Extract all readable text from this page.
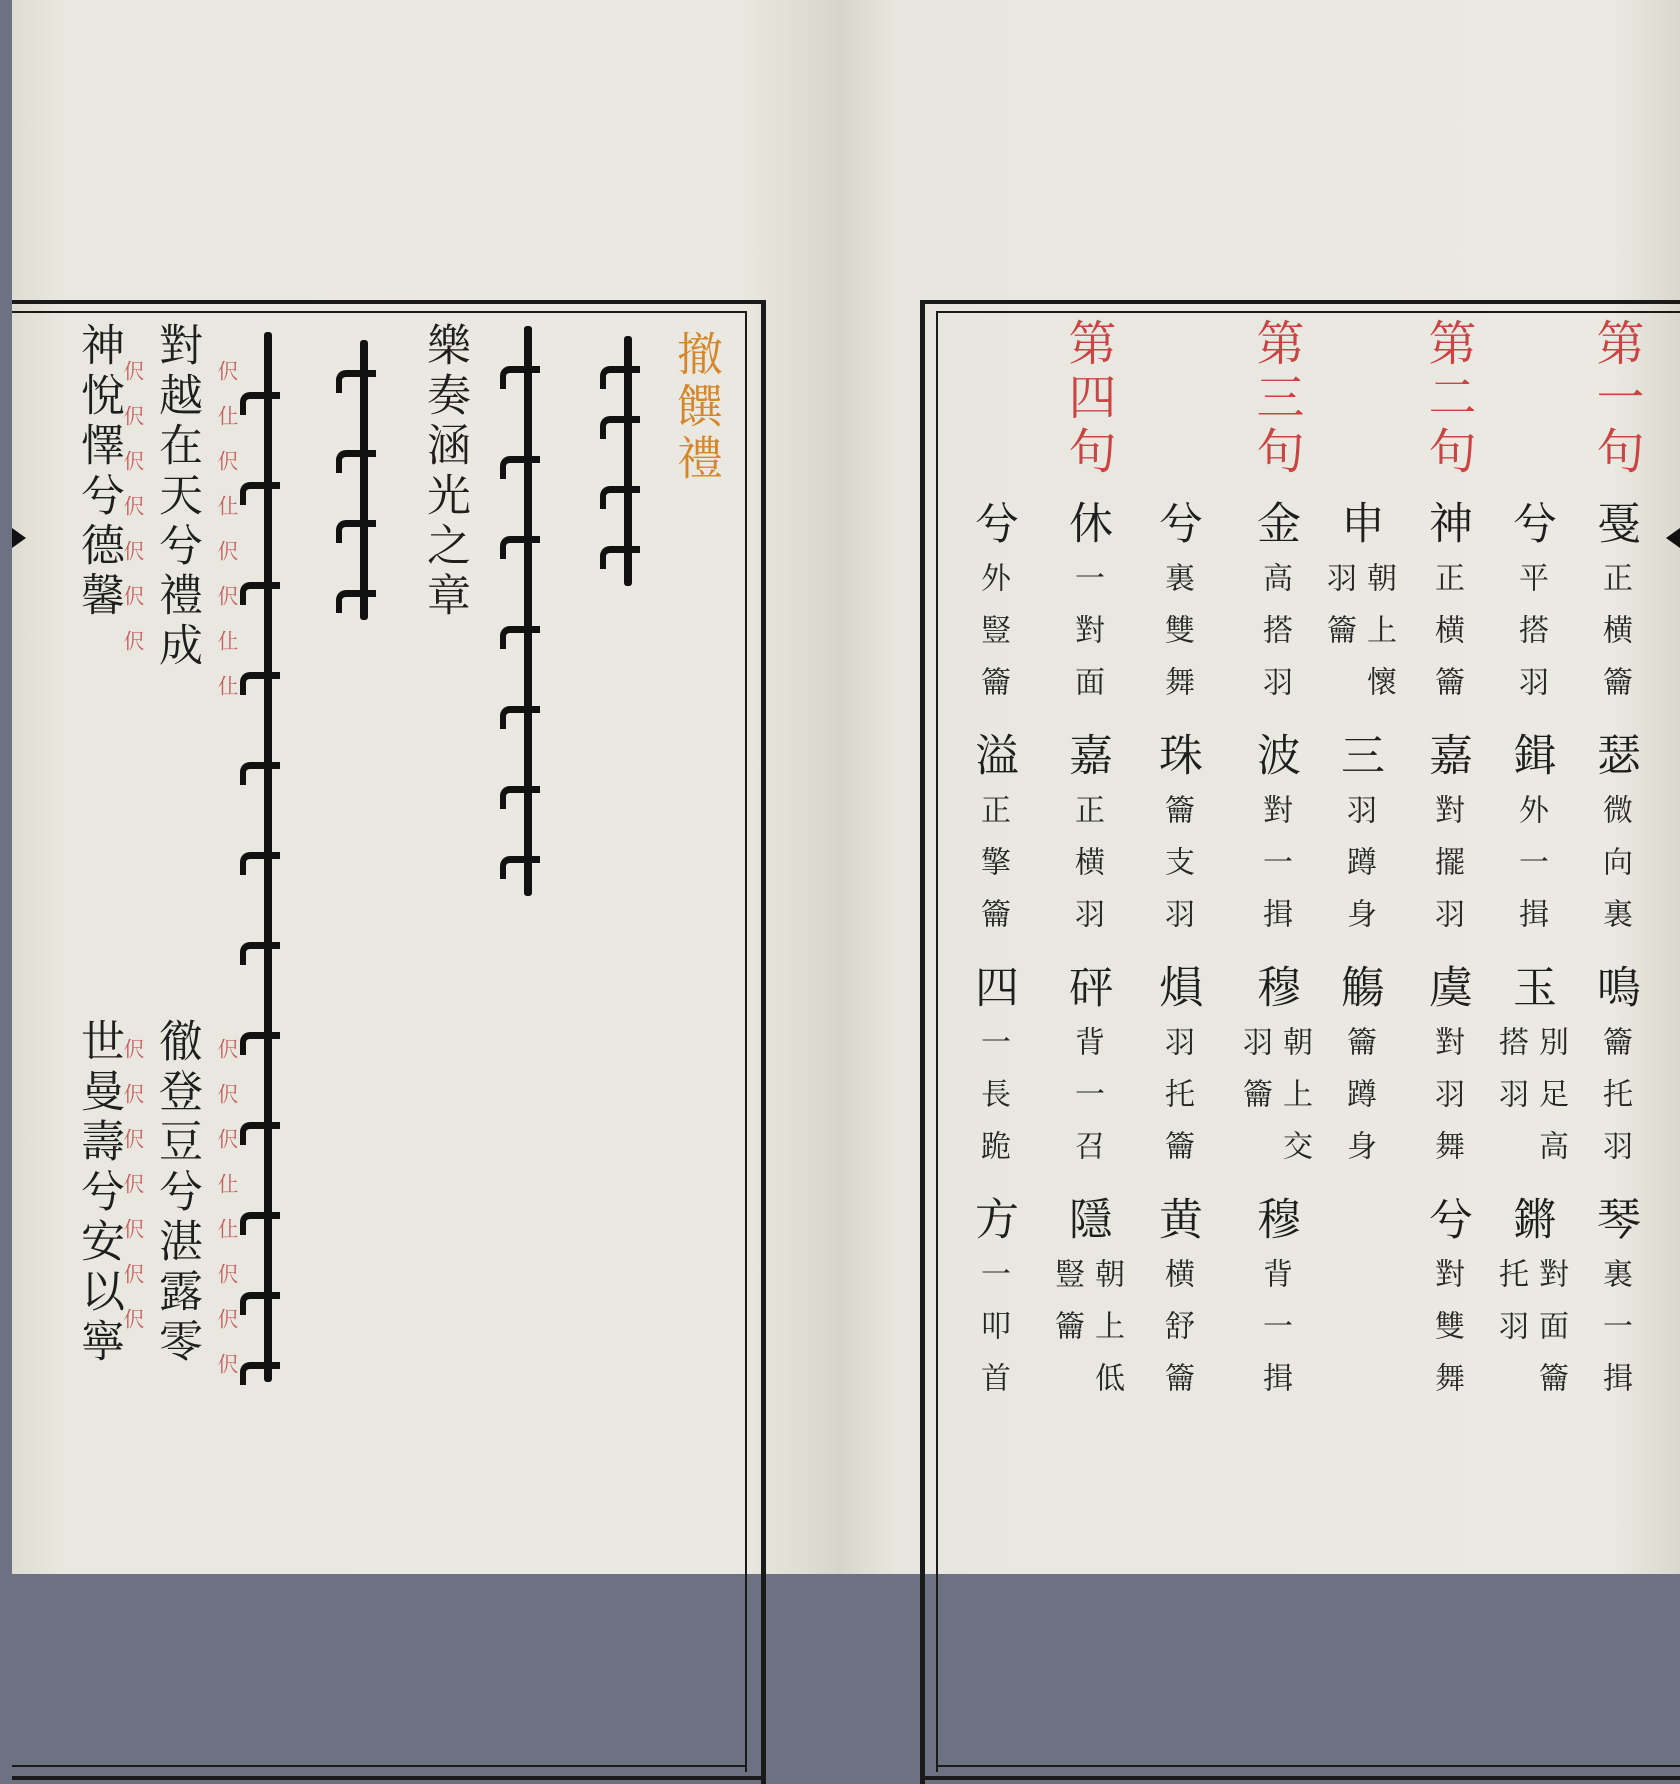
撤饌禮
樂奏涵光之章
伬仩伬仩伬伬仩仩
對越在天兮禮成
伬伬伬伬伬伬伬
神悅懌兮德馨
伬伬伬仩仩伬伬伬
徹登豆兮湛露零
伬伬伬伬伬伬伬
世曼壽兮安以寧
第一句
戞
正横籥
瑟
微向裏
鳴
籥托羽
琴
裏一揖
兮
平搭羽
鍓
外一揖
玉
別足高
搭羽
鏘
對面籥
托羽
第二句
神
正横籥
嘉
對擺羽
虞
對羽舞
兮
對雙舞
申
朝上懷
羽籥
三
羽蹲身
觴
籥蹲身
第三句
金
高搭羽
波
對一揖
穆
朝上交
羽籥
穆
背一揖
兮
裏雙舞
珠
籥支羽
熉
羽托籥
黄
横舒籥
第四句
休
一對面
嘉
正横羽
砰
背一召
隱
朝上低
豎籥
兮
外豎籥
溢
正擎籥
四
一長跪
方
一叩首
